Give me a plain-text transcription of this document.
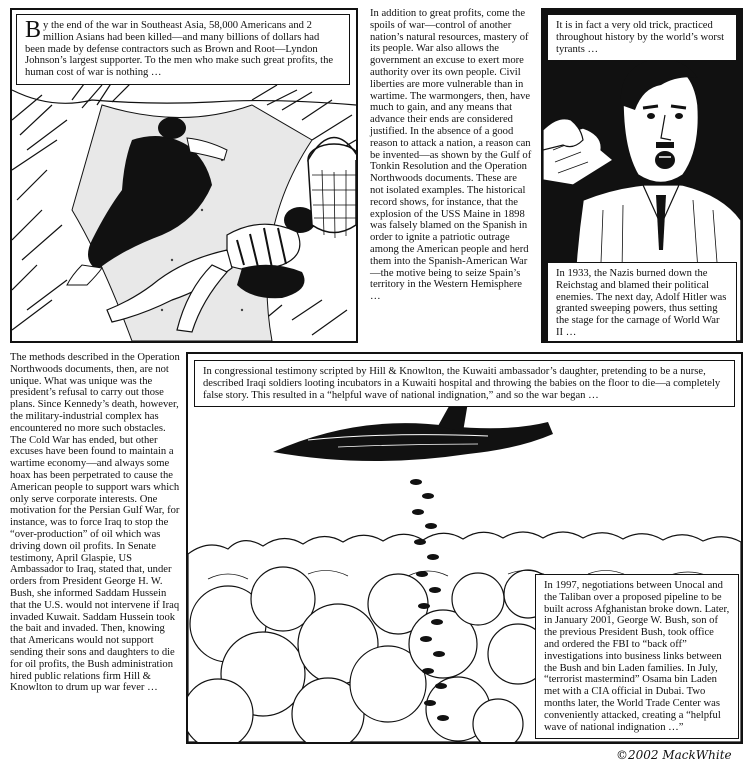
By the end of the war in Southeast Asia, 58,000 Americans and 2 million Asians had been killed—and many billions of dollars had been made by defense contractors such as Brown and Root—Lyndon Johnson’s largest supporter. To the men who make such great profits, the human cost of war is nothing …
In addition to great profits, come the spoils of war—control of another nation’s natural resources, mastery of its people. War also allows the government an excuse to exert more authority over its own people. Civil liberties are more vulnerable than in wartime. The warmongers, then, have much to gain, and any means that advance their ends are considered justified. In the absence of a good reason to attack a nation, a reason can be invented—as shown by the Gulf of Tonkin Resolution and the Operation Northwoods documents. These are not isolated examples. The historical record shows, for instance, that the explosion of the USS Maine in 1898 was falsely blamed on the Spanish in order to ignite a patriotic outrage among the American people and herd them into the Spanish-American War—the motive being to seize Spain’s territory in the Western Hemisphere …
It is in fact a very old trick, practiced throughout history by the world’s worst tyrants …
In 1933, the Nazis burned down the Reichstag and blamed their political enemies. The next day, Adolf Hitler was granted sweeping powers, thus setting the stage for the carnage of World War II …
The methods described in the Operation Northwoods documents, then, are not unique. What was unique was the president’s refusal to carry out those plans. Since Kennedy’s death, however, the military-industrial complex has encountered no more such obstacles. The Cold War has ended, but other excuses have been found to maintain a wartime economy—and always some hoax has been perpetrated to cause the American people to support wars which only serve corporate interests. One motivation for the Persian Gulf War, for instance, was to force Iraq to stop the “over-production” of oil which was driving down oil profits. In Senate testimony, April Glaspie, US Ambassador to Iraq, stated that, under orders from President George H. W. Bush, she informed Saddam Hussein that the U.S. would not intervene if Iraq invaded Kuwait. Saddam Hussein took the bait and invaded. Then, knowing that Americans would not support sending their sons and daughters to die for oil profits, the Bush administration hired public relations firm Hill & Knowlton to drum up war fever …
In congressional testimony scripted by Hill & Knowlton, the Kuwaiti ambassador’s daughter, pretending to be a nurse, described Iraqi soldiers looting incubators in a Kuwaiti hospital and throwing the babies on the floor to die—a completely false story. This resulted in a “helpful wave of national indignation,” and so the war began …
In 1997, negotiations between Unocal and the Taliban over a proposed pipeline to be built across Afghanistan broke down. Later, in January 2001, George W. Bush, son of the previous President Bush, took office and ordered the FBI to “back off” investigations into business links between the Bush and bin Laden families. In July, “terrorist mastermind” Osama bin Laden met with a CIA official in Dubai. Two months later, the World Trade Center was conveniently attacked, creating a “helpful wave of national indignation …”
©2002 MackWhite
